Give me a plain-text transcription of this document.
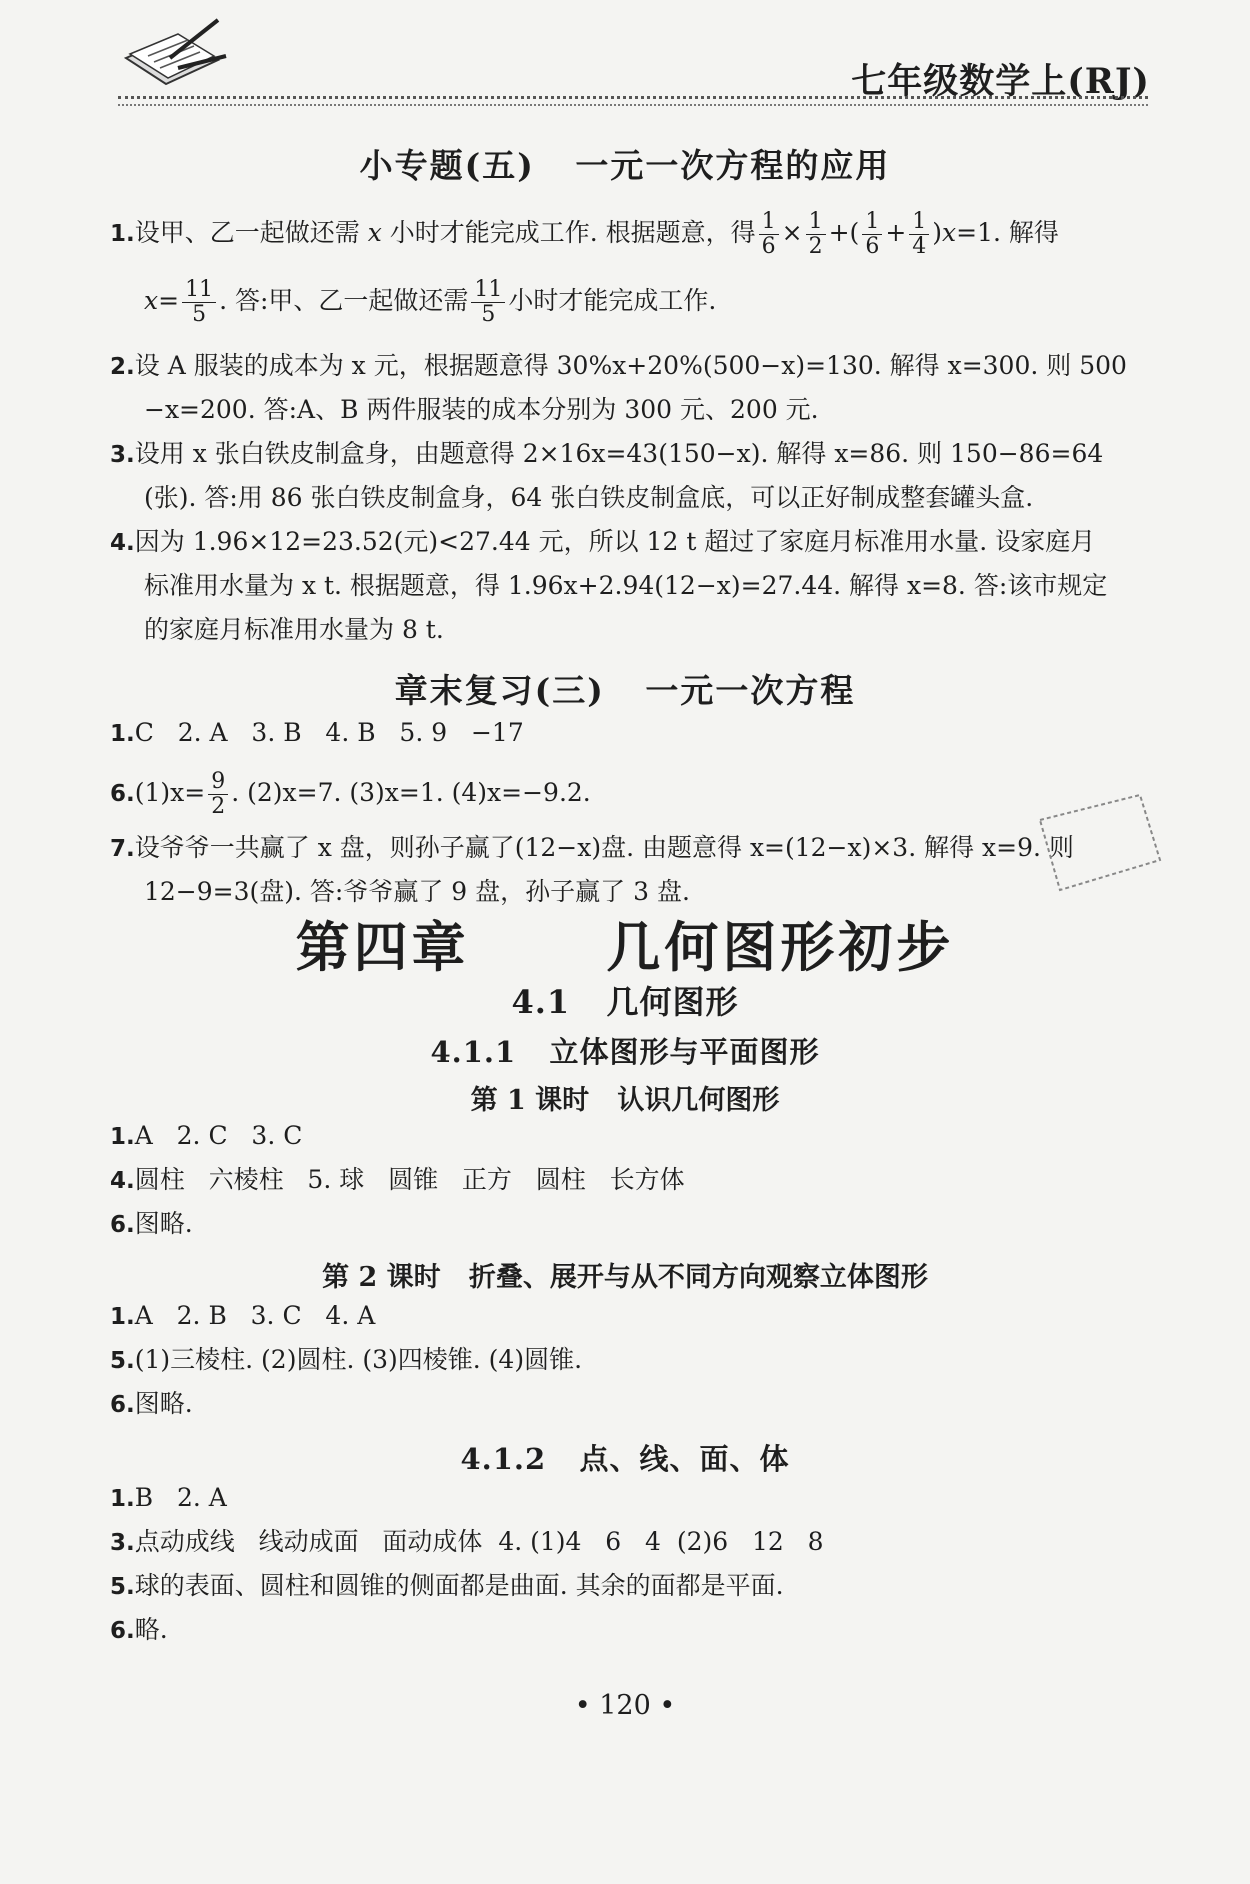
七年级数学上(RJ)
小专题(五)   一元一次方程的应用
1.设甲、乙一起做还需 x 小时才能完成工作. 根据题意，得 $\frac{1}{6} \times \frac{1}{2}$ +( $\frac{1}{6} + \frac{1}{4} )x=1$. 解得
$x= \frac{11}{5}$ . 答:甲、乙一起做还需 $\frac{11}{5}$ 小时才能完成工作.
2.设 A 服装的成本为 x 元，根据题意得 30%x+20%(500−x)=130. 解得 x=300. 则 500
−x=200. 答:A、B 两件服装的成本分别为 300 元、200 元.
3.设用 x 张白铁皮制盒身，由题意得 2×16x=43(150−x). 解得 x=86. 则 150−86=64
(张). 答:用 86 张白铁皮制盒身，64 张白铁皮制盒底，可以正好制成整套罐头盒.
4.因为 1.96×12=23.52(元)<27.44 元，所以 12 t 超过了家庭月标准用水量. 设家庭月
标准用水量为 x t. 根据题意，得 1.96x+2.94(12−x)=27.44. 解得 x=8. 答:该市规定
的家庭月标准用水量为 8 t.
章末复习(三)   一元一次方程
1.C   2. A   3. B   4. B   5. 9   −17
$6.(1)x= \frac{9}{2}$ . (2)x=7. (3)x=1. (4)x=−9.2.
7.设爷爷一共赢了 x 盘，则孙子赢了(12−x)盘. 由题意得 x=(12−x)×3. 解得 x=9. 则
12−9=3(盘). 答:爷爷赢了 9 盘，孙子赢了 3 盘.
第四章      几何图形初步
4.1   几何图形
4.1.1   立体图形与平面图形
第 1 课时   认识几何图形
1.A   2. C   3. C
4.圆柱   六棱柱   5. 球   圆锥   正方   圆柱   长方体
6.图略.
第 2 课时   折叠、展开与从不同方向观察立体图形
1.A   2. B   3. C   4. A
5.(1)三棱柱. (2)圆柱. (3)四棱锥. (4)圆锥.
6.图略.
4.1.2   点、线、面、体
1.B   2. A
3.点动成线   线动成面   面动成体  4. (1)4   6   4  (2)6   12   8
5.球的表面、圆柱和圆锥的侧面都是曲面. 其余的面都是平面.
6.略.
• 120 •
